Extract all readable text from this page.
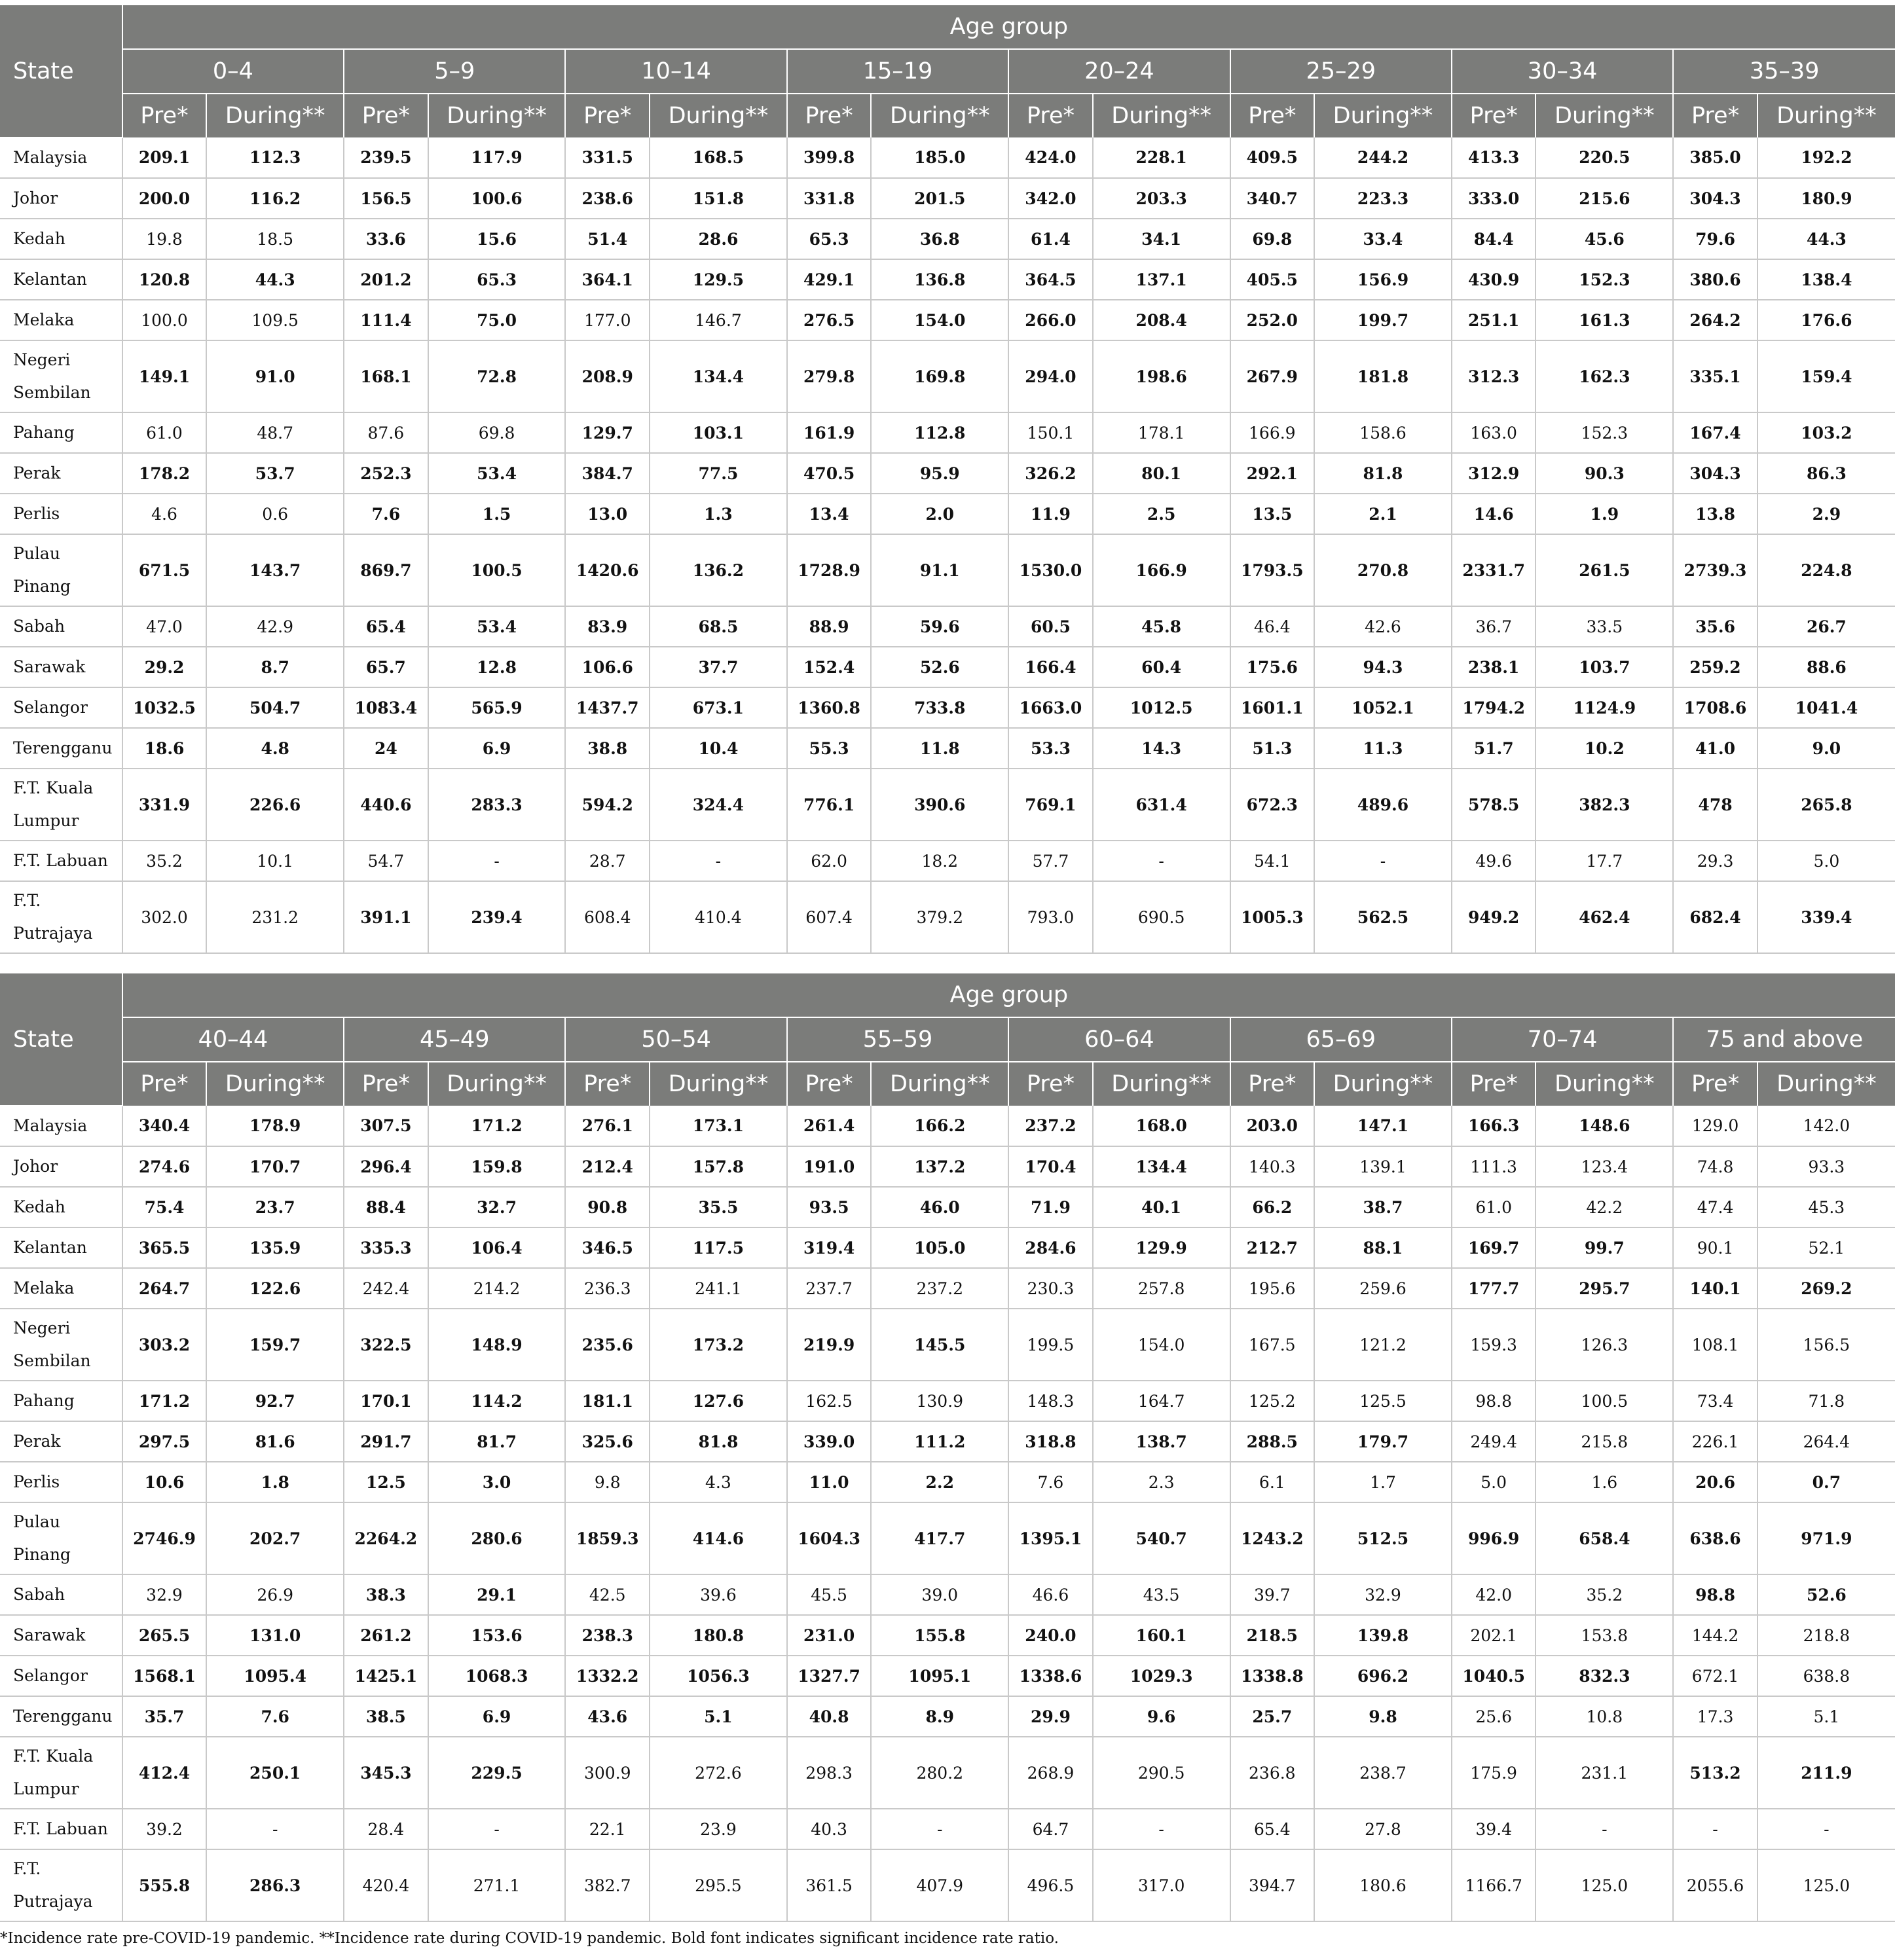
State	Age group															
	0–4		5–9		10–14		15–19		20–24		25–29		30–34		35–39	
	Pre*	During**	Pre*	During**	Pre*	During**	Pre*	During**	Pre*	During**	Pre*	During**	Pre*	During**	Pre*	During**
Malaysia	209.1	112.3	239.5	117.9	331.5	168.5	399.8	185.0	424.0	228.1	409.5	244.2	413.3	220.5	385.0	192.2
Johor	200.0	116.2	156.5	100.6	238.6	151.8	331.8	201.5	342.0	203.3	340.7	223.3	333.0	215.6	304.3	180.9
Kedah	19.8	18.5	33.6	15.6	51.4	28.6	65.3	36.8	61.4	34.1	69.8	33.4	84.4	45.6	79.6	44.3
Kelantan	120.8	44.3	201.2	65.3	364.1	129.5	429.1	136.8	364.5	137.1	405.5	156.9	430.9	152.3	380.6	138.4
Melaka	100.0	109.5	111.4	75.0	177.0	146.7	276.5	154.0	266.0	208.4	252.0	199.7	251.1	161.3	264.2	176.6
Negeri Sembilan	149.1	91.0	168.1	72.8	208.9	134.4	279.8	169.8	294.0	198.6	267.9	181.8	312.3	162.3	335.1	159.4
Pahang	61.0	48.7	87.6	69.8	129.7	103.1	161.9	112.8	150.1	178.1	166.9	158.6	163.0	152.3	167.4	103.2
Perak	178.2	53.7	252.3	53.4	384.7	77.5	470.5	95.9	326.2	80.1	292.1	81.8	312.9	90.3	304.3	86.3
Perlis	4.6	0.6	7.6	1.5	13.0	1.3	13.4	2.0	11.9	2.5	13.5	2.1	14.6	1.9	13.8	2.9
Pulau Pinang	671.5	143.7	869.7	100.5	1420.6	136.2	1728.9	91.1	1530.0	166.9	1793.5	270.8	2331.7	261.5	2739.3	224.8
Sabah	47.0	42.9	65.4	53.4	83.9	68.5	88.9	59.6	60.5	45.8	46.4	42.6	36.7	33.5	35.6	26.7
Sarawak	29.2	8.7	65.7	12.8	106.6	37.7	152.4	52.6	166.4	60.4	175.6	94.3	238.1	103.7	259.2	88.6
Selangor	1032.5	504.7	1083.4	565.9	1437.7	673.1	1360.8	733.8	1663.0	1012.5	1601.1	1052.1	1794.2	1124.9	1708.6	1041.4
Terengganu	18.6	4.8	24	6.9	38.8	10.4	55.3	11.8	53.3	14.3	51.3	11.3	51.7	10.2	41.0	9.0
F.T. Kuala Lumpur	331.9	226.6	440.6	283.3	594.2	324.4	776.1	390.6	769.1	631.4	672.3	489.6	578.5	382.3	478	265.8
F.T. Labuan	35.2	10.1	54.7	-	28.7	-	62.0	18.2	57.7	-	54.1	-	49.6	17.7	29.3	5.0
F.T. Putrajaya	302.0	231.2	391.1	239.4	608.4	410.4	607.4	379.2	793.0	690.5	1005.3	562.5	949.2	462.4	682.4	339.4
State	Age group															
	40–44		45–49		50–54		55–59		60–64		65–69		70–74		75 and above	
	Pre*	During**	Pre*	During**	Pre*	During**	Pre*	During**	Pre*	During**	Pre*	During**	Pre*	During**	Pre*	During**
Malaysia	340.4	178.9	307.5	171.2	276.1	173.1	261.4	166.2	237.2	168.0	203.0	147.1	166.3	148.6	129.0	142.0
Johor	274.6	170.7	296.4	159.8	212.4	157.8	191.0	137.2	170.4	134.4	140.3	139.1	111.3	123.4	74.8	93.3
Kedah	75.4	23.7	88.4	32.7	90.8	35.5	93.5	46.0	71.9	40.1	66.2	38.7	61.0	42.2	47.4	45.3
Kelantan	365.5	135.9	335.3	106.4	346.5	117.5	319.4	105.0	284.6	129.9	212.7	88.1	169.7	99.7	90.1	52.1
Melaka	264.7	122.6	242.4	214.2	236.3	241.1	237.7	237.2	230.3	257.8	195.6	259.6	177.7	295.7	140.1	269.2
Negeri Sembilan	303.2	159.7	322.5	148.9	235.6	173.2	219.9	145.5	199.5	154.0	167.5	121.2	159.3	126.3	108.1	156.5
Pahang	171.2	92.7	170.1	114.2	181.1	127.6	162.5	130.9	148.3	164.7	125.2	125.5	98.8	100.5	73.4	71.8
Perak	297.5	81.6	291.7	81.7	325.6	81.8	339.0	111.2	318.8	138.7	288.5	179.7	249.4	215.8	226.1	264.4
Perlis	10.6	1.8	12.5	3.0	9.8	4.3	11.0	2.2	7.6	2.3	6.1	1.7	5.0	1.6	20.6	0.7
Pulau Pinang	2746.9	202.7	2264.2	280.6	1859.3	414.6	1604.3	417.7	1395.1	540.7	1243.2	512.5	996.9	658.4	638.6	971.9
Sabah	32.9	26.9	38.3	29.1	42.5	39.6	45.5	39.0	46.6	43.5	39.7	32.9	42.0	35.2	98.8	52.6
Sarawak	265.5	131.0	261.2	153.6	238.3	180.8	231.0	155.8	240.0	160.1	218.5	139.8	202.1	153.8	144.2	218.8
Selangor	1568.1	1095.4	1425.1	1068.3	1332.2	1056.3	1327.7	1095.1	1338.6	1029.3	1338.8	696.2	1040.5	832.3	672.1	638.8
Terengganu	35.7	7.6	38.5	6.9	43.6	5.1	40.8	8.9	29.9	9.6	25.7	9.8	25.6	10.8	17.3	5.1
F.T. Kuala Lumpur	412.4	250.1	345.3	229.5	300.9	272.6	298.3	280.2	268.9	290.5	236.8	238.7	175.9	231.1	513.2	211.9
F.T. Labuan	39.2	-	28.4	-	22.1	23.9	40.3	-	64.7	-	65.4	27.8	39.4	-	-	-
F.T. Putrajaya	555.8	286.3	420.4	271.1	382.7	295.5	361.5	407.9	496.5	317.0	394.7	180.6	1166.7	125.0	2055.6	125.0
*Incidence rate pre-COVID-19 pandemic. **Incidence rate during COVID-19 pandemic. Bold font indicates significant incidence rate ratio.
